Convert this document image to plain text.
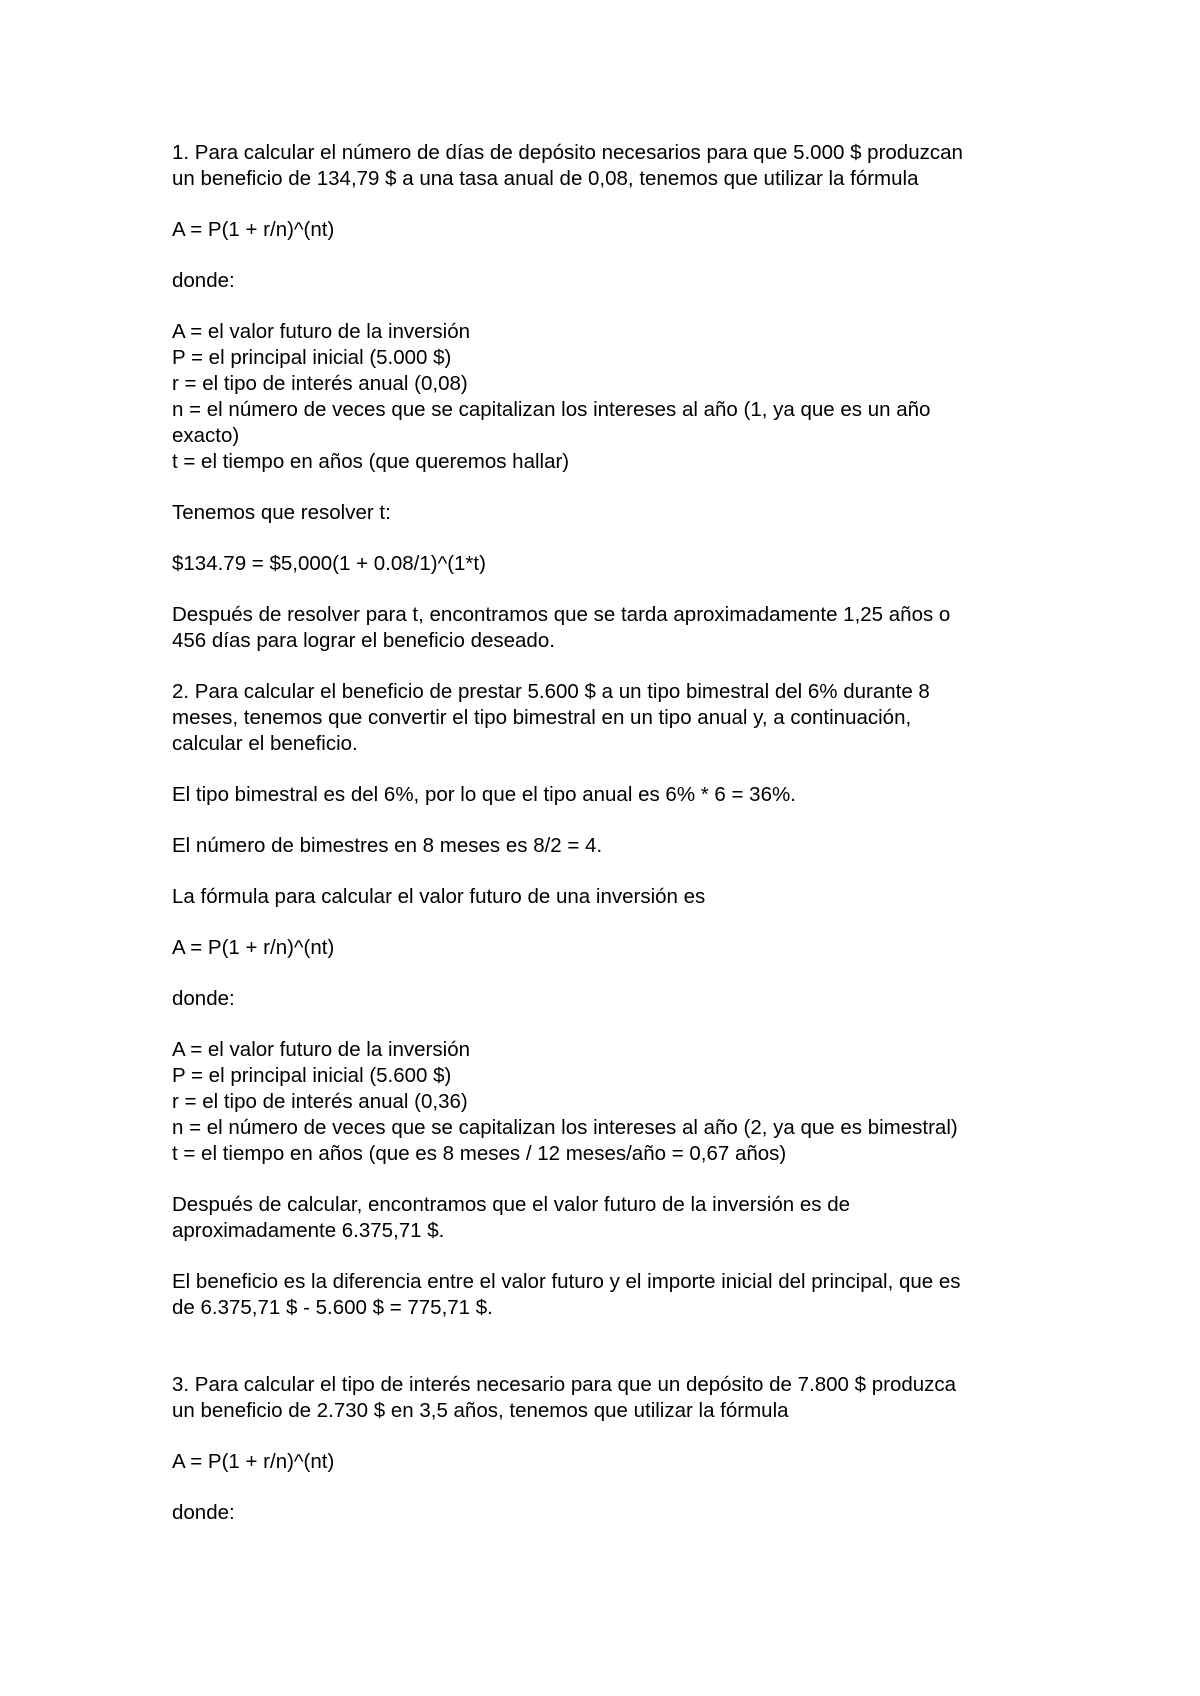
1. Para calcular el número de días de depósito necesarios para que 5.000 $ produzcan
un beneficio de 134,79 $ a una tasa anual de 0,08, tenemos que utilizar la fórmula
A = P(1 + r/n)^(nt)
donde:
A = el valor futuro de la inversión
P = el principal inicial (5.000 $)
r = el tipo de interés anual (0,08)
n = el número de veces que se capitalizan los intereses al año (1, ya que es un año
exacto)
t = el tiempo en años (que queremos hallar)
Tenemos que resolver t:
$134.79 = $5,000(1 + 0.08/1)^(1*t)
Después de resolver para t, encontramos que se tarda aproximadamente 1,25 años o
456 días para lograr el beneficio deseado.
2. Para calcular el beneficio de prestar 5.600 $ a un tipo bimestral del 6% durante 8
meses, tenemos que convertir el tipo bimestral en un tipo anual y, a continuación,
calcular el beneficio.
El tipo bimestral es del 6%, por lo que el tipo anual es 6% * 6 = 36%.
El número de bimestres en 8 meses es 8/2 = 4.
La fórmula para calcular el valor futuro de una inversión es
A = P(1 + r/n)^(nt)
donde:
A = el valor futuro de la inversión
P = el principal inicial (5.600 $)
r = el tipo de interés anual (0,36)
n = el número de veces que se capitalizan los intereses al año (2, ya que es bimestral)
t = el tiempo en años (que es 8 meses / 12 meses/año = 0,67 años)
Después de calcular, encontramos que el valor futuro de la inversión es de
aproximadamente 6.375,71 $.
El beneficio es la diferencia entre el valor futuro y el importe inicial del principal, que es
de 6.375,71 $ - 5.600 $ = 775,71 $.
3. Para calcular el tipo de interés necesario para que un depósito de 7.800 $ produzca
un beneficio de 2.730 $ en 3,5 años, tenemos que utilizar la fórmula
A = P(1 + r/n)^(nt)
donde:
